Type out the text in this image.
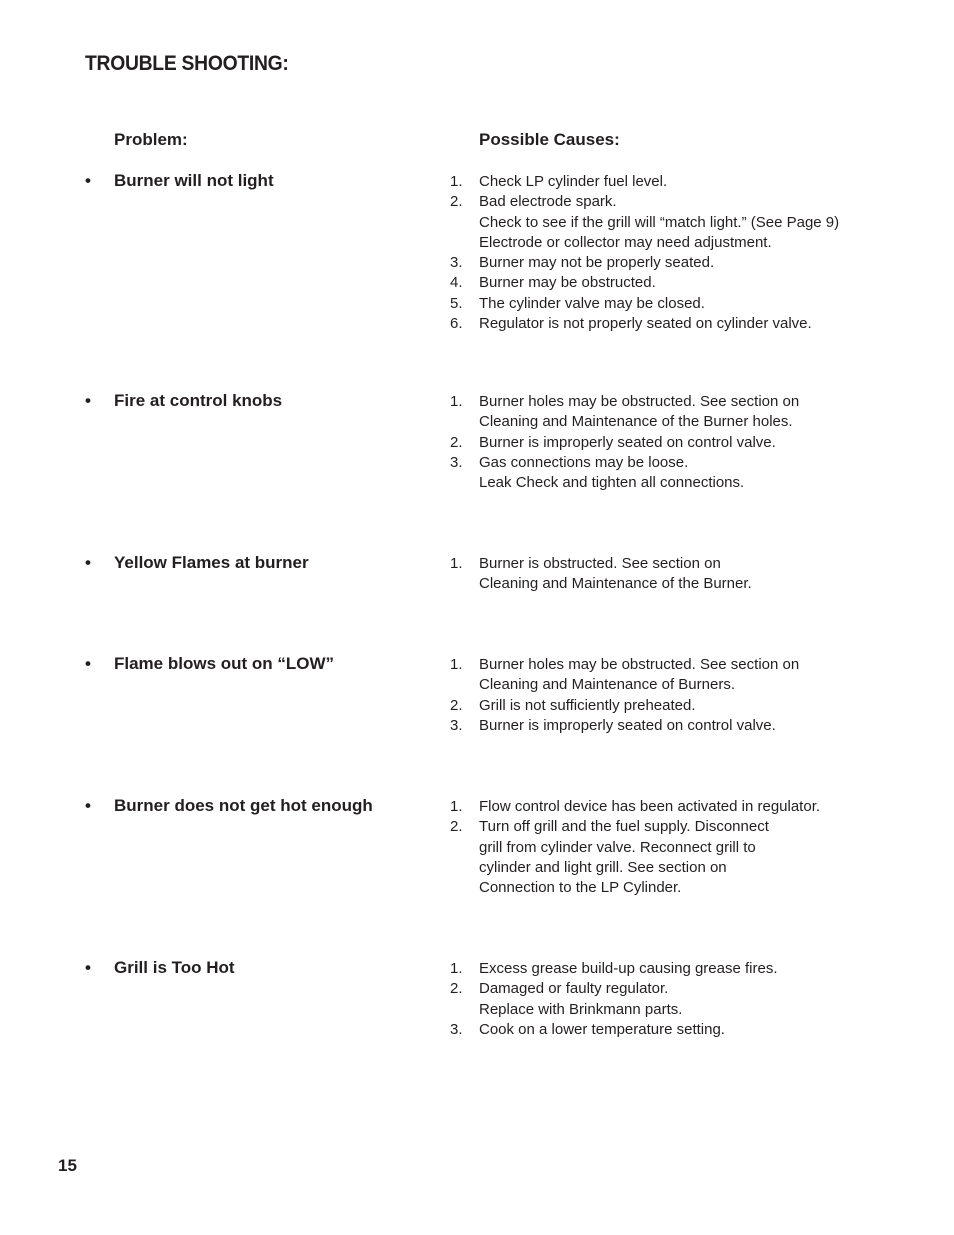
TROUBLE SHOOTING:
Problem:	Possible Causes:
• Burner will not light	1. Check LP cylinder fuel level.
2. Bad electrode spark.
Check to see if the grill will “match light.” (See Page 9)
Electrode or collector may need adjustment.
3. Burner may not be properly seated.
4. Burner may be obstructed.
5. The cylinder valve may be closed.
6. Regulator is not properly seated on cylinder valve.
• Fire at control knobs	1. Burner holes may be obstructed. See section on
Cleaning and Maintenance of the Burner holes.
2. Burner is improperly seated on control valve.
3. Gas connections may be loose.
Leak Check and tighten all connections.
• Yellow Flames at burner	1. Burner is obstructed. See section on
Cleaning and Maintenance of the Burner.
• Flame blows out on “LOW”	1. Burner holes may be obstructed. See section on
Cleaning and Maintenance of Burners.
2. Grill is not sufficiently preheated.
3. Burner is improperly seated on control valve.
• Burner does not get hot enough	1. Flow control device has been activated in regulator.
2. Turn off grill and the fuel supply. Disconnect
grill from cylinder valve. Reconnect grill to
cylinder and light grill. See section on
Connection to the LP Cylinder.
• Grill is Too Hot	1. Excess grease build-up causing grease fires.
2. Damaged or faulty regulator.
Replace with Brinkmann parts.
3. Cook on a lower temperature setting.
15
